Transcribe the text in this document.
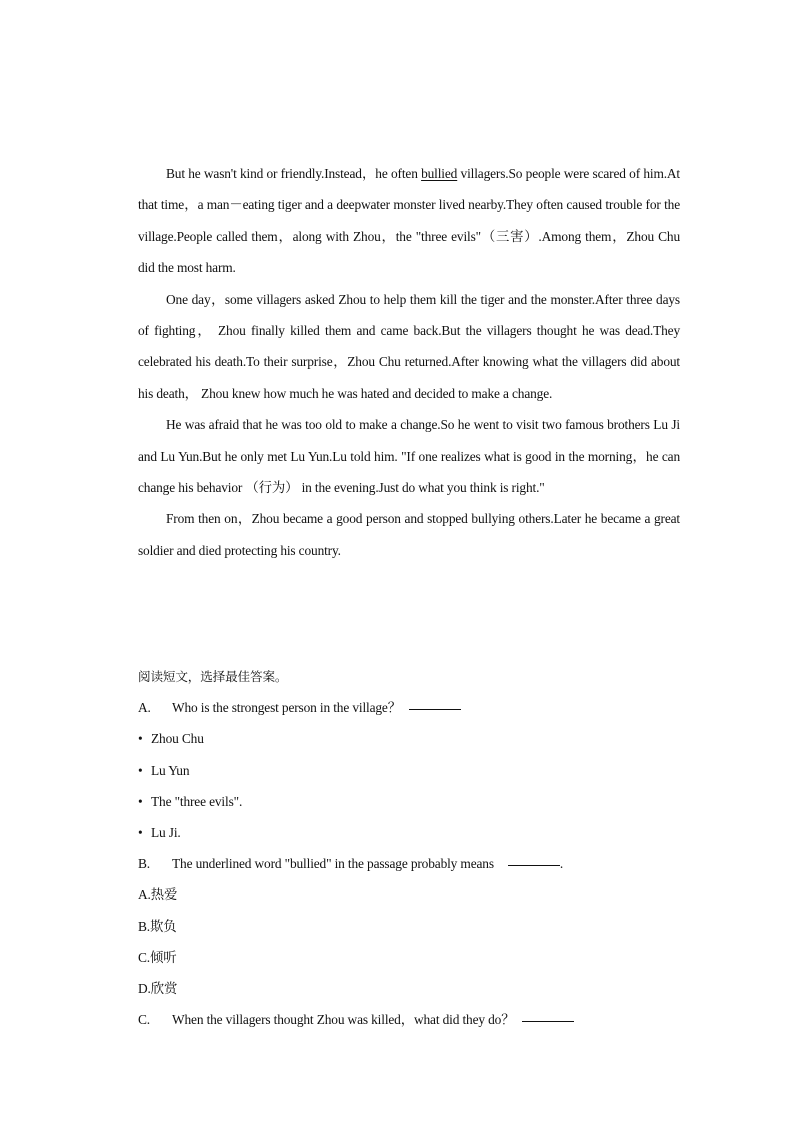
But he wasn't kind or friendly.Instead，he often bullied villagers.So people were scared of him.At that time，a man－eating tiger and a deepwater monster lived nearby.They often caused trouble for the village.People called them，along with Zhou，the "three evils"（三害）.Among them，Zhou Chu did the most harm.

One day，some villagers asked Zhou to help them kill the tiger and the monster.After three days of fighting， Zhou finally killed them and came back.But the villagers thought he was dead.They celebrated his death.To their surprise，Zhou Chu returned.After knowing what the villagers did about his death， Zhou knew how much he was hated and decided to make a change.

He was afraid that he was too old to make a change.So he went to visit two famous brothers Lu Ji and Lu Yun.But he only met Lu Yun.Lu told him. "If one realizes what is good in the morning，he can change his behavior （行为） in the evening.Just do what you think is right."

From then on，Zhou became a good person and stopped bullying others.Later he became a great soldier and died protecting his country.

阅读短文，选择最佳答案。
A. Who is the strongest person in the village？
• Zhou Chu
• Lu Yun
• The "three evils".
• Lu Ji.
B. The underlined word "bullied" in the passage probably means	.
A.热爱
B.欺负
C.倾听
D.欣赏
C. When the villagers thought Zhou was killed，what did they do？
